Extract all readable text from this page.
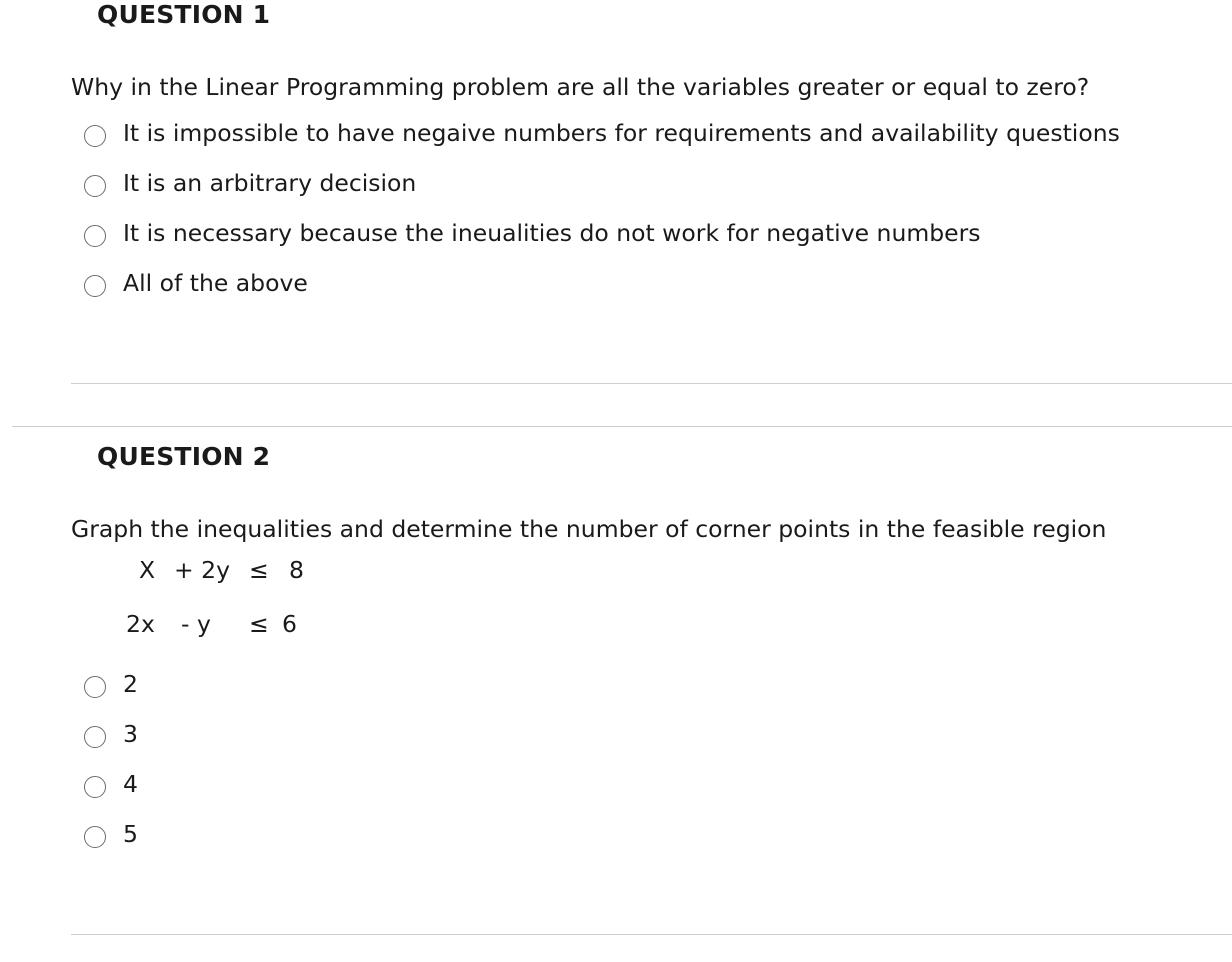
QUESTION 1

Why in the Linear Programming problem are all the variables greater or equal to zero?

It is impossible to have negaive numbers for requirements and availability questions
It is an arbitrary decision
It is necessary because the ineualities do not work for negative numbers
All of the above
QUESTION 2

Graph the inequalities and determine the number of corner points in the feasible region

X + 2y ≤ 8
2x - y ≤ 6
2
3
4
5
